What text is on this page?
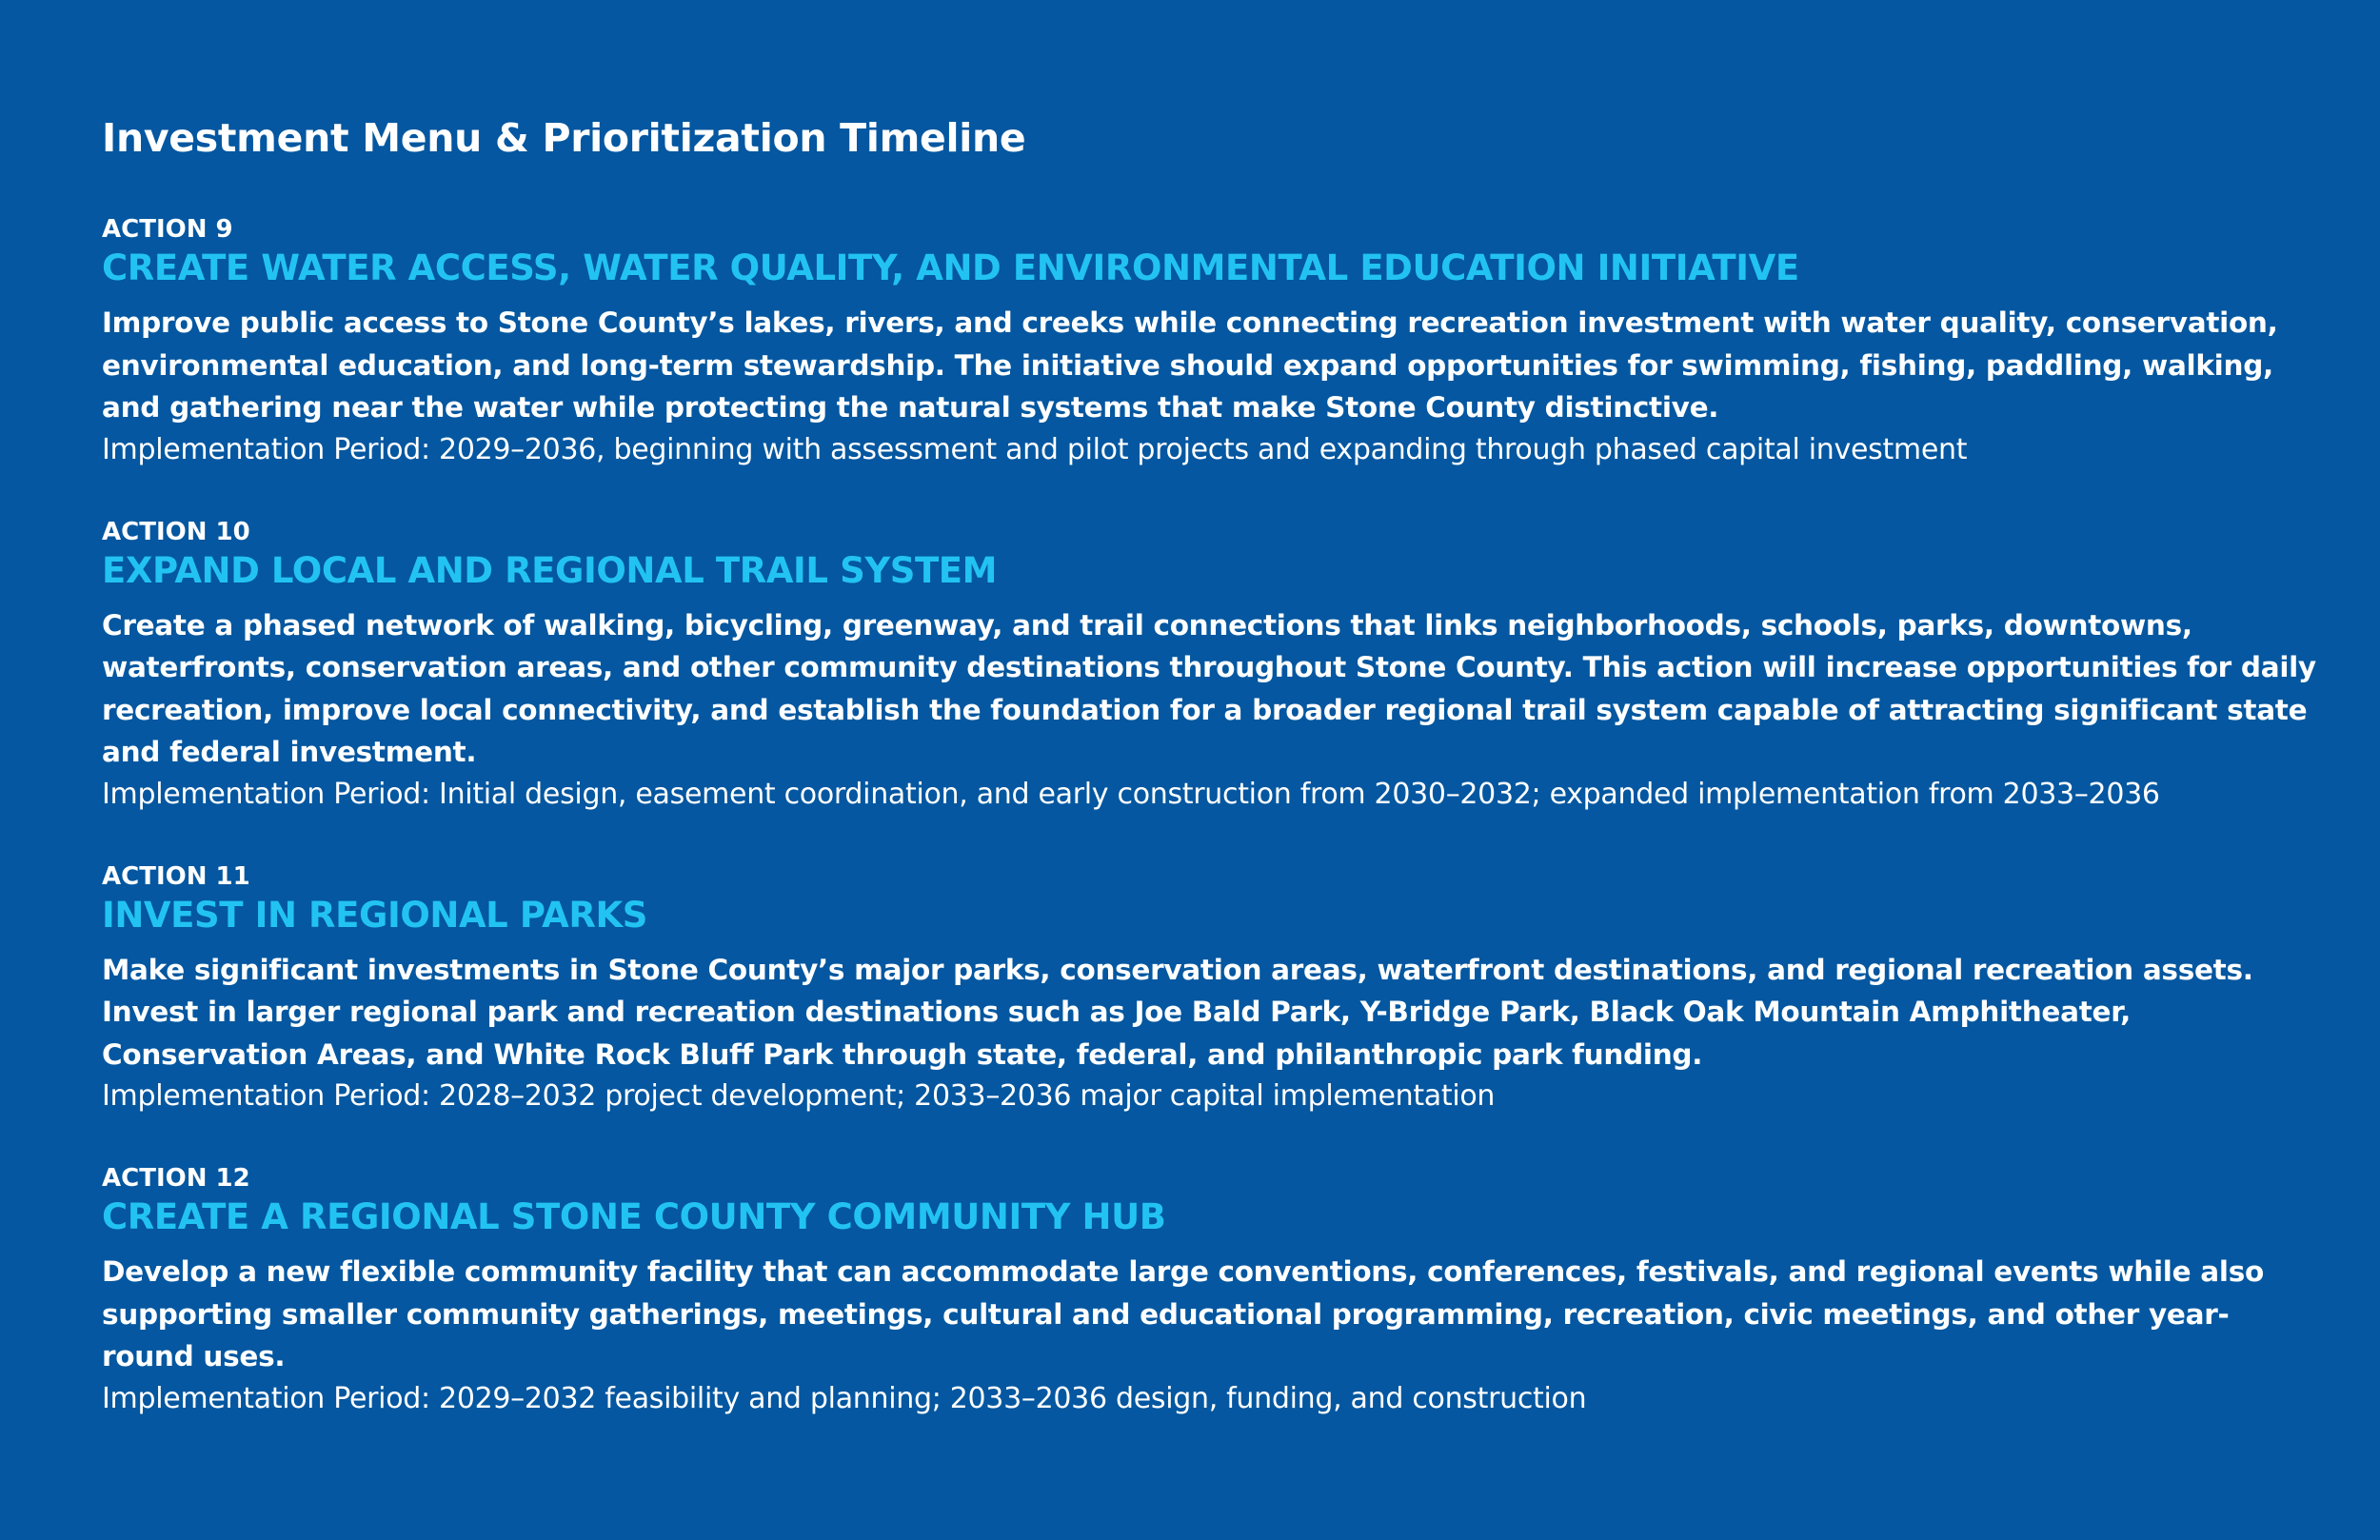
Investment Menu & Prioritization Timeline
ACTION 9
CREATE WATER ACCESS, WATER QUALITY, AND ENVIRONMENTAL EDUCATION INITIATIVE
Improve public access to Stone County’s lakes, rivers, and creeks while connecting recreation investment with water quality, conservation, environmental education, and long-term stewardship. The initiative should expand opportunities for swimming, fishing, paddling, walking, and gathering near the water while protecting the natural systems that make Stone County distinctive.
Implementation Period: 2029–2036, beginning with assessment and pilot projects and expanding through phased capital investment
ACTION 10
EXPAND LOCAL AND REGIONAL TRAIL SYSTEM
Create a phased network of walking, bicycling, greenway, and trail connections that links neighborhoods, schools, parks, downtowns, waterfronts, conservation areas, and other community destinations throughout Stone County. This action will increase opportunities for daily recreation, improve local connectivity, and establish the foundation for a broader regional trail system capable of attracting significant state and federal investment.
Implementation Period: Initial design, easement coordination, and early construction from 2030–2032; expanded implementation from 2033–2036
ACTION 11
INVEST IN REGIONAL PARKS
Make significant investments in Stone County’s major parks, conservation areas, waterfront destinations, and regional recreation assets. Invest in larger regional park and recreation destinations such as Joe Bald Park, Y-Bridge Park, Black Oak Mountain Amphitheater, Conservation Areas, and White Rock Bluff Park through state, federal, and philanthropic park funding.
Implementation Period: 2028–2032 project development; 2033–2036 major capital implementation
ACTION 12
CREATE A REGIONAL STONE COUNTY COMMUNITY HUB
Develop a new flexible community facility that can accommodate large conventions, conferences, festivals, and regional events while also supporting smaller community gatherings, meetings, cultural and educational programming, recreation, civic meetings, and other year-round uses.
Implementation Period: 2029–2032 feasibility and planning; 2033–2036 design, funding, and construction
